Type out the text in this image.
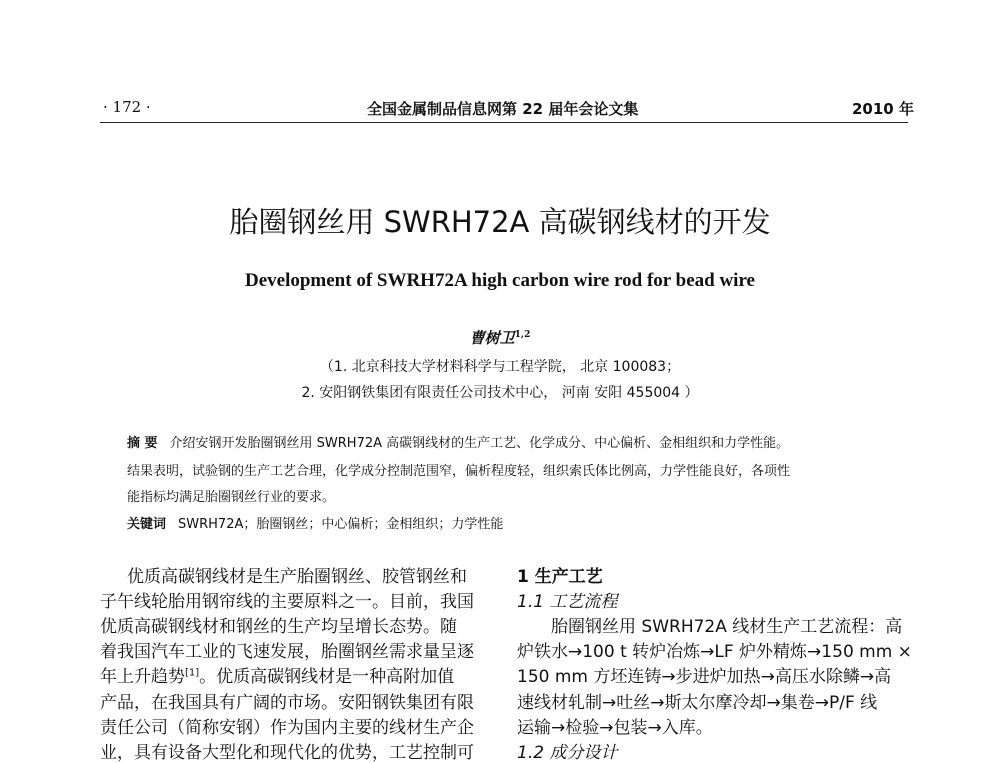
· 172 ·	全国金属制品信息网第 22 届年会论文集	2010 年
胎圈钢丝用 SWRH72A 高碳钢线材的开发
Development of SWRH72A high carbon wire rod for bead wire
曹树卫$^{1,2}$
（1. 北京科技大学材料科学与工程学院， 北京 100083；
2. 安阳钢铁集团有限责任公司技术中心， 河南 安阳 455004 ）
摘 要 介绍安钢开发胎圈钢丝用 SWRH72A 高碳钢线材的生产工艺、化学成分、中心偏析、金相组织和力学性能。
结果表明，试验钢的生产工艺合理，化学成分控制范围窄，偏析程度轻，组织索氏体比例高，力学性能良好，各项性
能指标均满足胎圈钢丝行业的要求。
关键词 SWRH72A；胎圈钢丝；中心偏析；金相组织；力学性能
优质高碳钢线材是生产胎圈钢丝、胶管钢丝和
子午线轮胎用钢帘线的主要原料之一。目前，我国
优质高碳钢线材和钢丝的生产均呈增长态势。随
着我国汽车工业的飞速发展，胎圈钢丝需求量呈逐
年上升趋势[1]。优质高碳钢线材是一种高附加值
产品，在我国具有广阔的市场。安阳钢铁集团有限
责任公司（简称安钢）作为国内主要的线材生产企
业，具有设备大型化和现代化的优势，工艺控制可
1 生产工艺
1.1 工艺流程
胎圈钢丝用 SWRH72A 线材生产工艺流程：高
炉铁水→100 t 转炉冶炼→LF 炉外精炼→150 mm ×
150 mm 方坯连铸→步进炉加热→高压水除鳞→高
速线材轧制→吐丝→斯太尔摩冷却→集卷→P/F 线
运输→检验→包装→入库。
1.2 成分设计
